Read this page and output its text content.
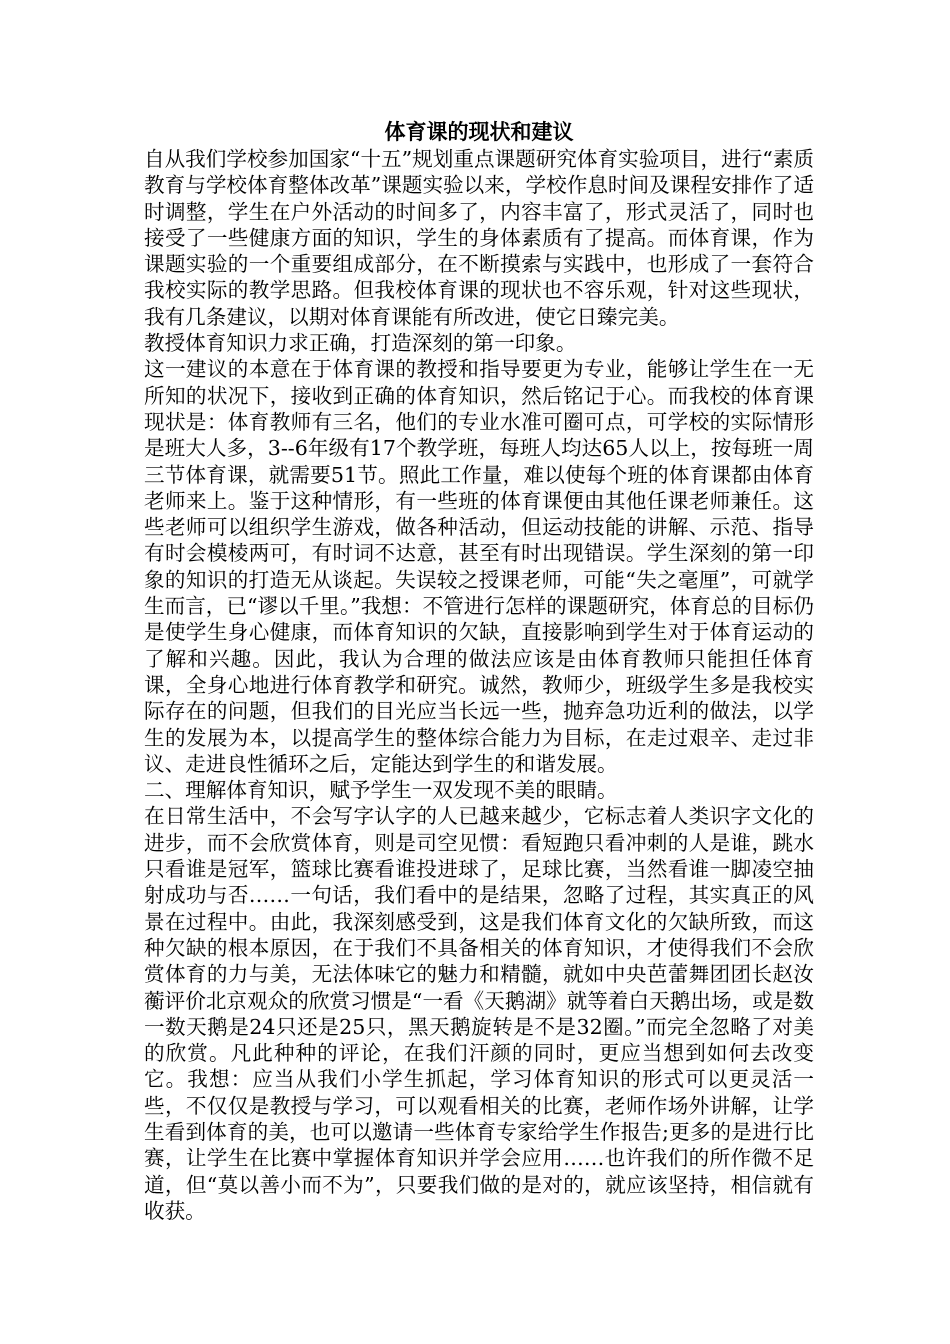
体育课的现状和建议

自从我们学校参加国家“十五”规划重点课题研究体育实验项目，进行“素质教育与学校体育整体改革”课题实验以来，学校作息时间及课程安排作了适时调整，学生在户外活动的时间多了，内容丰富了，形式灵活了，同时也接受了一些健康方面的知识，学生的身体素质有了提高。而体育课，作为课题实验的一个重要组成部分，在不断摸索与实践中，也形成了一套符合我校实际的教学思路。但我校体育课的现状也不容乐观，针对这些现状，我有几条建议，以期对体育课能有所改进，使它日臻完美。

教授体育知识力求正确，打造深刻的第一印象。

这一建议的本意在于体育课的教授和指导要更为专业，能够让学生在一无所知的状况下，接收到正确的体育知识，然后铭记于心。而我校的体育课现状是：体育教师有三名，他们的专业水准可圈可点，可学校的实际情形是班大人多，3--6年级有17个教学班，每班人均达65人以上，按每班一周三节体育课，就需要51节。照此工作量，难以使每个班的体育课都由体育老师来上。鉴于这种情形，有一些班的体育课便由其他任课老师兼任。这些老师可以组织学生游戏，做各种活动，但运动技能的讲解、示范、指导有时会模棱两可，有时词不达意，甚至有时出现错误。学生深刻的第一印象的知识的打造无从谈起。失误较之授课老师，可能“失之毫厘”，可就学生而言，已“谬以千里。”我想：不管进行怎样的课题研究，体育总的目标仍是使学生身心健康，而体育知识的欠缺，直接影响到学生对于体育运动的了解和兴趣。因此，我认为合理的做法应该是由体育教师只能担任体育课，全身心地进行体育教学和研究。诚然，教师少，班级学生多是我校实际存在的问题，但我们的目光应当长远一些，抛弃急功近利的做法，以学生的发展为本，以提高学生的整体综合能力为目标，在走过艰辛、走过非议、走进良性循环之后，定能达到学生的和谐发展。

二、理解体育知识，赋予学生一双发现不美的眼睛。

在日常生活中，不会写字认字的人已越来越少，它标志着人类识字文化的进步，而不会欣赏体育，则是司空见惯：看短跑只看冲刺的人是谁，跳水只看谁是冠军，篮球比赛看谁投进球了，足球比赛，当然看谁一脚凌空抽射成功与否……一句话，我们看中的是结果，忽略了过程，其实真正的风景在过程中。由此，我深刻感受到，这是我们体育文化的欠缺所致，而这种欠缺的根本原因，在于我们不具备相关的体育知识，才使得我们不会欣赏体育的力与美，无法体味它的魅力和精髓，就如中央芭蕾舞团团长赵汝蘅评价北京观众的欣赏习惯是“一看《天鹅湖》就等着白天鹅出场，或是数一数天鹅是24只还是25只，黑天鹅旋转是不是32圈。”而完全忽略了对美的欣赏。凡此种种的评论，在我们汗颜的同时，更应当想到如何去改变它。我想：应当从我们小学生抓起，学习体育知识的形式可以更灵活一些，不仅仅是教授与学习，可以观看相关的比赛，老师作场外讲解，让学生看到体育的美，也可以邀请一些体育专家给学生作报告;更多的是进行比赛，让学生在比赛中掌握体育知识并学会应用……也许我们的所作微不足道，但“莫以善小而不为”，只要我们做的是对的，就应该坚持，相信就有收获。
